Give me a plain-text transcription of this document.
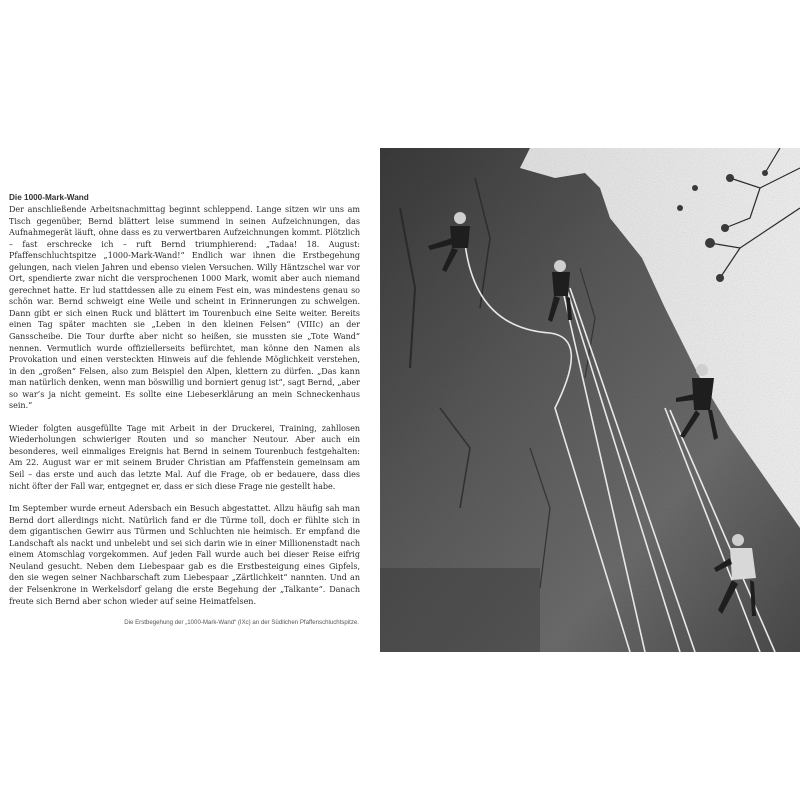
Die 1000-Mark-Wand

Der anschließende Arbeitsnachmittag beginnt schleppend. Lange sitzen wir uns am Tisch gegenüber, Bernd blättert leise summend in seinen Aufzeichnungen, das Aufnahmegerät läuft, ohne dass es zu verwertbaren Aufzeichnungen kommt. Plötzlich – fast erschrecke ich – ruft Bernd triumphierend: „Tadaa! 18. August: Pfaffenschluchtspitze „1000-Mark-Wand!“ Endlich war ihnen die Erstbegehung gelungen, nach vielen Jahren und ebenso vielen Versuchen. Willy Häntzschel war vor Ort, spendierte zwar nicht die versprochenen 1000 Mark, womit aber auch niemand gerechnet hatte. Er lud stattdessen alle zu einem Fest ein, was mindestens genau so schön war. Bernd schweigt eine Weile und scheint in Erinnerungen zu schwelgen. Dann gibt er sich einen Ruck und blättert im Tourenbuch eine Seite weiter. Bereits einen Tag später machten sie „Leben in den kleinen Felsen“ (VIIIc) an der Gansscheibe. Die Tour durfte aber nicht so heißen, sie mussten sie „Tote Wand“ nennen. Vermutlich wurde offiziellerseits befürchtet, man könne den Namen als Provokation und einen versteckten Hinweis auf die fehlende Möglichkeit verstehen, in den „großen“ Felsen, also zum Beispiel den Alpen, klettern zu dürfen. „Das kann man natürlich denken, wenn man böswillig und borniert genug ist“, sagt Bernd, „aber so war’s ja nicht gemeint. Es sollte eine Liebeserklärung an mein Schneckenhaus sein.“

Wieder folgten ausgefüllte Tage mit Arbeit in der Druckerei, Training, zahllosen Wiederholungen schwieriger Routen und so mancher Neutour. Aber auch ein besonderes, weil einmaliges Ereignis hat Bernd in seinem Tourenbuch festgehalten: Am 22. August war er mit seinem Bruder Christian am Pfaffenstein gemeinsam am Seil – das erste und auch das letzte Mal. Auf die Frage, ob er bedauere, dass dies nicht öfter der Fall war, entgegnet er, dass er sich diese Frage nie gestellt habe.

Im September wurde erneut Adersbach ein Besuch abgestattet. Allzu häufig sah man Bernd dort allerdings nicht. Natürlich fand er die Türme toll, doch er fühlte sich in dem gigantischen Gewirr aus Türmen und Schluchten nie heimisch. Er empfand die Landschaft als nackt und unbelebt und sei sich darin wie in einer Millionenstadt nach einem Atomschlag vorgekommen. Auf jeden Fall wurde auch bei dieser Reise eifrig Neuland gesucht. Neben dem Liebespaar gab es die Erstbesteigung eines Gipfels, den sie wegen seiner Nachbarschaft zum Liebespaar „Zärtlichkeit“ nannten. Und an der Felsenkrone in Werkelsdorf gelang die erste Begehung der „Talkante“. Danach freute sich Bernd aber schon wieder auf seine Heimatfelsen.

Die Erstbegehung der „1000-Mark-Wand“ (IXc) an der Südlichen Pfaffenschluchtspitze.
